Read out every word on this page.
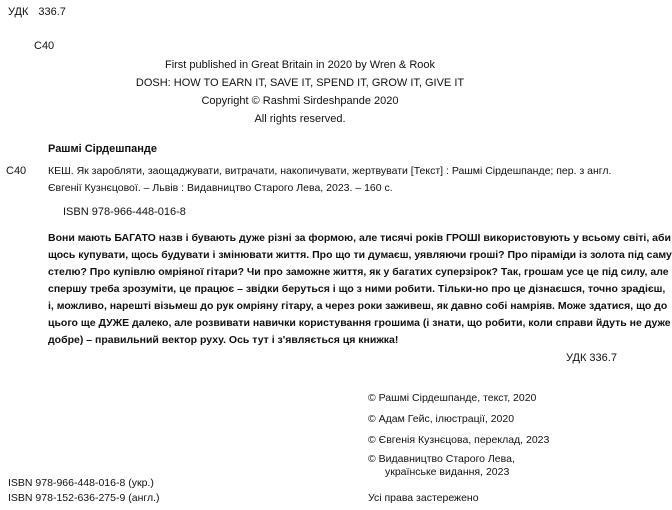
УДК 336.7
С40
First published in Great Britain in 2020 by Wren & Rook
DOSH: HOW TO EARN IT, SAVE IT, SPEND IT, GROW IT, GIVE IT
Copyright © Rashmi Sirdeshpande 2020
All rights reserved.
Рашмі Сірдешпанде
С40 КЕШ. Як заробляти, заощаджувати, витрачати, накопичувати, жертвувати [Текст] : Рашмі Сірдешпанде; пер. з англ.
Євгенії Кузнєцової. – Львів : Видавництво Старого Лева, 2023. – 160 с.
ISBN 978-966-448-016-8
Вони мають БАГАТО назв і бувають дуже різні за формою, але тисячі років ГРОШІ використовують у всьому світі, аби
щось купувати, щось будувати і змінювати життя. Про що ти думаєш, уявляючи гроші? Про піраміди із золота під саму
стелю? Про купівлю омріяної гітари? Чи про заможне життя, як у багатих суперзірок? Так, грошам усе це під силу, але
спершу треба зрозуміти, це працює – звідки беруться і що з ними робити. Тільки-но про це дізнаєшся, точно зрадієш,
і, можливо, нарешті візьмеш до рук омріяну гітару, а через роки заживеш, як давно собі намріяв. Може здатися, що до
цього ще ДУЖЕ далеко, але розвивати навички користування грошима (і знати, що робити, коли справи йдуть не дуже
добре) – правильний вектор руху. Ось тут і з'являється ця книжка!
УДК 336.7
© Рашмі Сірдешпанде, текст, 2020
© Адам Гейс, ілюстрації, 2020
© Євгенія Кузнєцова, переклад, 2023
© Видавництво Старого Лева,
українське видання, 2023
ISBN 978-966-448-016-8 (укр.)
ISBN 978-152-636-275-9 (англ.)	Усі права застережено
